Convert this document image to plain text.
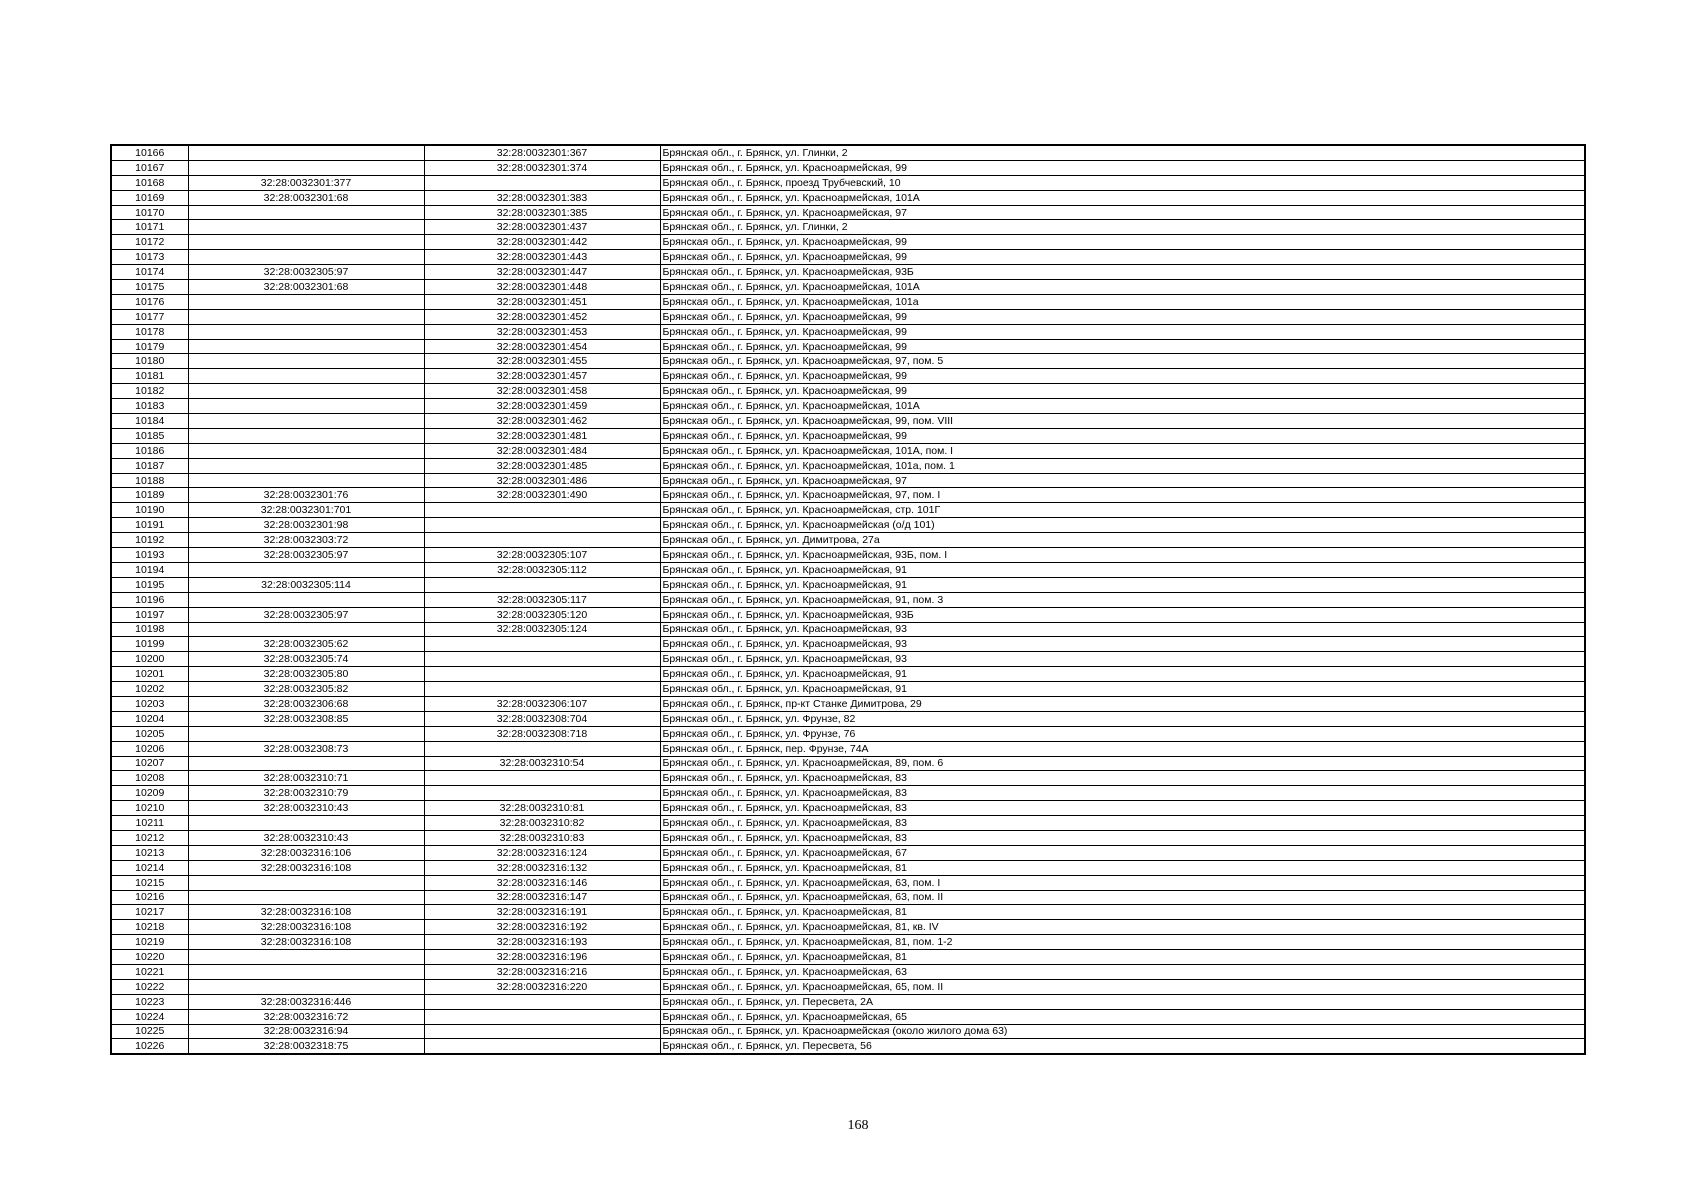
10166		32:28:0032301:367	Брянская обл., г. Брянск, ул. Глинки, 2
10167		32:28:0032301:374	Брянская обл., г. Брянск, ул. Красноармейская, 99
10168	32:28:0032301:377		Брянская обл., г. Брянск, проезд Трубчевский, 10
10169	32:28:0032301:68	32:28:0032301:383	Брянская обл., г. Брянск, ул. Красноармейская, 101А
10170		32:28:0032301:385	Брянская обл., г. Брянск, ул. Красноармейская, 97
10171		32:28:0032301:437	Брянская обл., г. Брянск, ул. Глинки, 2
10172		32:28:0032301:442	Брянская обл., г. Брянск, ул. Красноармейская, 99
10173		32:28:0032301:443	Брянская обл., г. Брянск, ул. Красноармейская, 99
10174	32:28:0032305:97	32:28:0032301:447	Брянская обл., г. Брянск, ул. Красноармейская, 93Б
10175	32:28:0032301:68	32:28:0032301:448	Брянская обл., г. Брянск, ул. Красноармейская, 101А
10176		32:28:0032301:451	Брянская обл., г. Брянск, ул. Красноармейская, 101а
10177		32:28:0032301:452	Брянская обл., г. Брянск, ул. Красноармейская, 99
10178		32:28:0032301:453	Брянская обл., г. Брянск, ул. Красноармейская, 99
10179		32:28:0032301:454	Брянская обл., г. Брянск, ул. Красноармейская, 99
10180		32:28:0032301:455	Брянская обл., г. Брянск, ул. Красноармейская, 97, пом. 5
10181		32:28:0032301:457	Брянская обл., г. Брянск, ул. Красноармейская, 99
10182		32:28:0032301:458	Брянская обл., г. Брянск, ул. Красноармейская, 99
10183		32:28:0032301:459	Брянская обл., г. Брянск, ул. Красноармейская, 101А
10184		32:28:0032301:462	Брянская обл., г. Брянск, ул. Красноармейская, 99, пом. VIII
10185		32:28:0032301:481	Брянская обл., г. Брянск, ул. Красноармейская, 99
10186		32:28:0032301:484	Брянская обл., г. Брянск, ул. Красноармейская, 101А, пом. I
10187		32:28:0032301:485	Брянская обл., г. Брянск, ул. Красноармейская, 101а, пом. 1
10188		32:28:0032301:486	Брянская обл., г. Брянск, ул. Красноармейская, 97
10189	32:28:0032301:76	32:28:0032301:490	Брянская обл., г. Брянск, ул. Красноармейская, 97, пом. I
10190	32:28:0032301:701		Брянская обл., г. Брянск, ул. Красноармейская, стр. 101Г
10191	32:28:0032301:98		Брянская обл., г. Брянск, ул. Красноармейская (о/д 101)
10192	32:28:0032303:72		Брянская обл., г. Брянск, ул. Димитрова, 27а
10193	32:28:0032305:97	32:28:0032305:107	Брянская обл., г. Брянск, ул. Красноармейская, 93Б, пом. I
10194		32:28:0032305:112	Брянская обл., г. Брянск, ул. Красноармейская, 91
10195	32:28:0032305:114		Брянская обл., г. Брянск, ул. Красноармейская, 91
10196		32:28:0032305:117	Брянская обл., г. Брянск, ул. Красноармейская, 91, пом. 3
10197	32:28:0032305:97	32:28:0032305:120	Брянская обл., г. Брянск, ул. Красноармейская, 93Б
10198		32:28:0032305:124	Брянская обл., г. Брянск, ул. Красноармейская, 93
10199	32:28:0032305:62		Брянская обл., г. Брянск, ул. Красноармейская, 93
10200	32:28:0032305:74		Брянская обл., г. Брянск, ул. Красноармейская, 93
10201	32:28:0032305:80		Брянская обл., г. Брянск, ул. Красноармейская, 91
10202	32:28:0032305:82		Брянская обл., г. Брянск, ул. Красноармейская, 91
10203	32:28:0032306:68	32:28:0032306:107	Брянская обл., г. Брянск, пр-кт Станке Димитрова, 29
10204	32:28:0032308:85	32:28:0032308:704	Брянская обл., г. Брянск, ул. Фрунзе, 82
10205		32:28:0032308:718	Брянская обл., г. Брянск, ул. Фрунзе, 76
10206	32:28:0032308:73		Брянская обл., г. Брянск, пер. Фрунзе, 74А
10207		32:28:0032310:54	Брянская обл., г. Брянск, ул. Красноармейская, 89, пом. 6
10208	32:28:0032310:71		Брянская обл., г. Брянск, ул. Красноармейская, 83
10209	32:28:0032310:79		Брянская обл., г. Брянск, ул. Красноармейская, 83
10210	32:28:0032310:43	32:28:0032310:81	Брянская обл., г. Брянск, ул. Красноармейская, 83
10211		32:28:0032310:82	Брянская обл., г. Брянск, ул. Красноармейская, 83
10212	32:28:0032310:43	32:28:0032310:83	Брянская обл., г. Брянск, ул. Красноармейская, 83
10213	32:28:0032316:106	32:28:0032316:124	Брянская обл., г. Брянск, ул. Красноармейская, 67
10214	32:28:0032316:108	32:28:0032316:132	Брянская обл., г. Брянск, ул. Красноармейская, 81
10215		32:28:0032316:146	Брянская обл., г. Брянск, ул. Красноармейская, 63, пом. I
10216		32:28:0032316:147	Брянская обл., г. Брянск, ул. Красноармейская, 63, пом. II
10217	32:28:0032316:108	32:28:0032316:191	Брянская обл., г. Брянск, ул. Красноармейская, 81
10218	32:28:0032316:108	32:28:0032316:192	Брянская обл., г. Брянск, ул. Красноармейская, 81, кв. IV
10219	32:28:0032316:108	32:28:0032316:193	Брянская обл., г. Брянск, ул. Красноармейская, 81, пом. 1-2
10220		32:28:0032316:196	Брянская обл., г. Брянск, ул. Красноармейская, 81
10221		32:28:0032316:216	Брянская обл., г. Брянск, ул. Красноармейская, 63
10222		32:28:0032316:220	Брянская обл., г. Брянск, ул. Красноармейская, 65, пом. II
10223	32:28:0032316:446		Брянская обл., г. Брянск, ул. Пересвета, 2А
10224	32:28:0032316:72		Брянская обл., г. Брянск, ул. Красноармейская, 65
10225	32:28:0032316:94		Брянская обл., г. Брянск, ул. Красноармейская (около жилого дома 63)
10226	32:28:0032318:75		Брянская обл., г. Брянск, ул. Пересвета, 56
168
